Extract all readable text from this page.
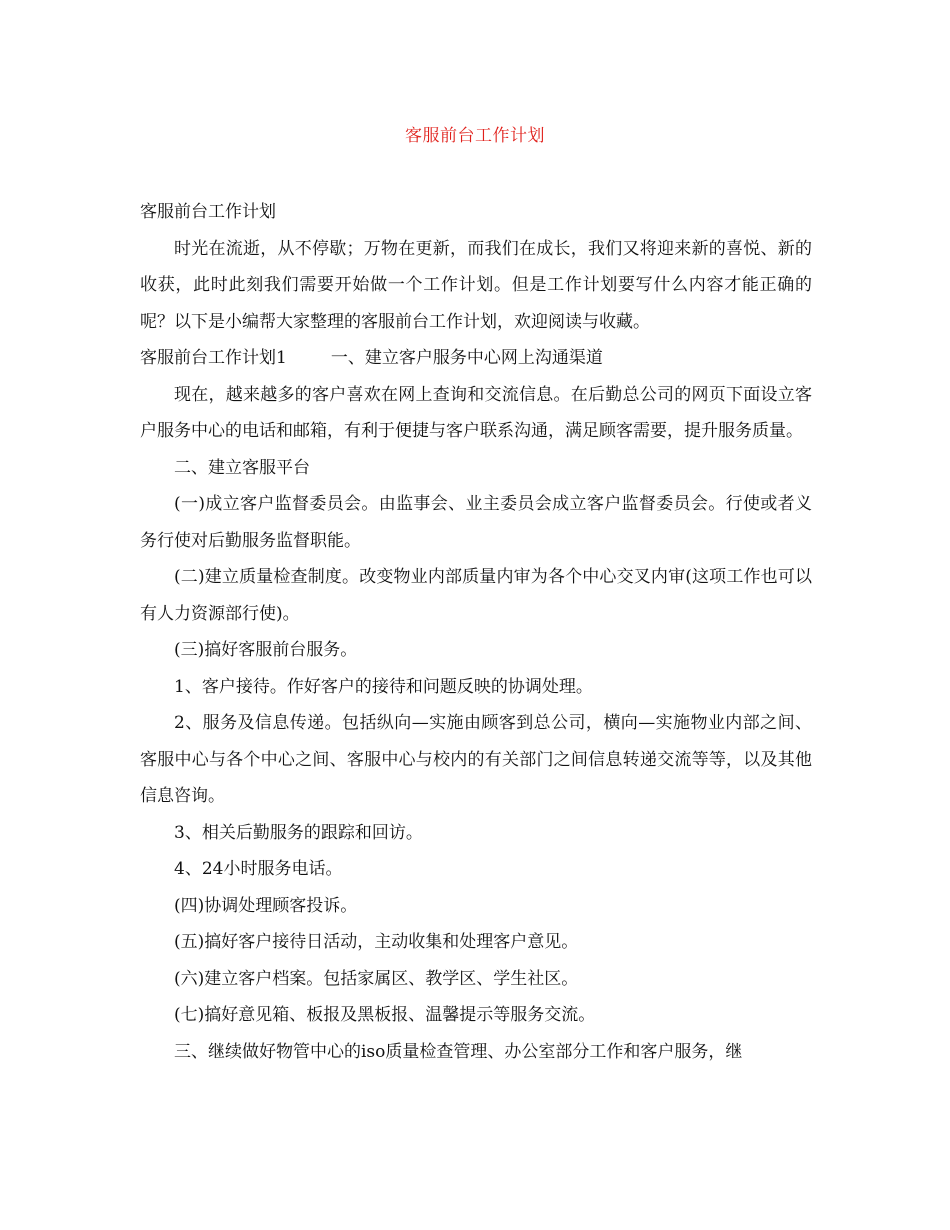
客服前台工作计划

客服前台工作计划

时光在流逝，从不停歇；万物在更新，而我们在成长，我们又将迎来新的喜悦、新的收获，此时此刻我们需要开始做一个工作计划。但是工作计划要写什么内容才能正确的呢？以下是小编帮大家整理的客服前台工作计划，欢迎阅读与收藏。

客服前台工作计划1	一、建立客户服务中心网上沟通渠道

现在，越来越多的客户喜欢在网上查询和交流信息。在后勤总公司的网页下面设立客户服务中心的电话和邮箱，有利于便捷与客户联系沟通，满足顾客需要，提升服务质量。

二、建立客服平台

(一)成立客户监督委员会。由监事会、业主委员会成立客户监督委员会。行使或者义务行使对后勤服务监督职能。

(二)建立质量检查制度。改变物业内部质量内审为各个中心交叉内审(这项工作也可以有人力资源部行使)。

(三)搞好客服前台服务。

1、客户接待。作好客户的接待和问题反映的协调处理。

2、服务及信息传递。包括纵向—实施由顾客到总公司，横向—实施物业内部之间、客服中心与各个中心之间、客服中心与校内的有关部门之间信息转递交流等等，以及其他信息咨询。

3、相关后勤服务的跟踪和回访。

4、24小时服务电话。

(四)协调处理顾客投诉。

(五)搞好客户接待日活动，主动收集和处理客户意见。

(六)建立客户档案。包括家属区、教学区、学生社区。

(七)搞好意见箱、板报及黑板报、温馨提示等服务交流。

三、继续做好物管中心的iso质量检查管理、办公室部分工作和客户服务，继
